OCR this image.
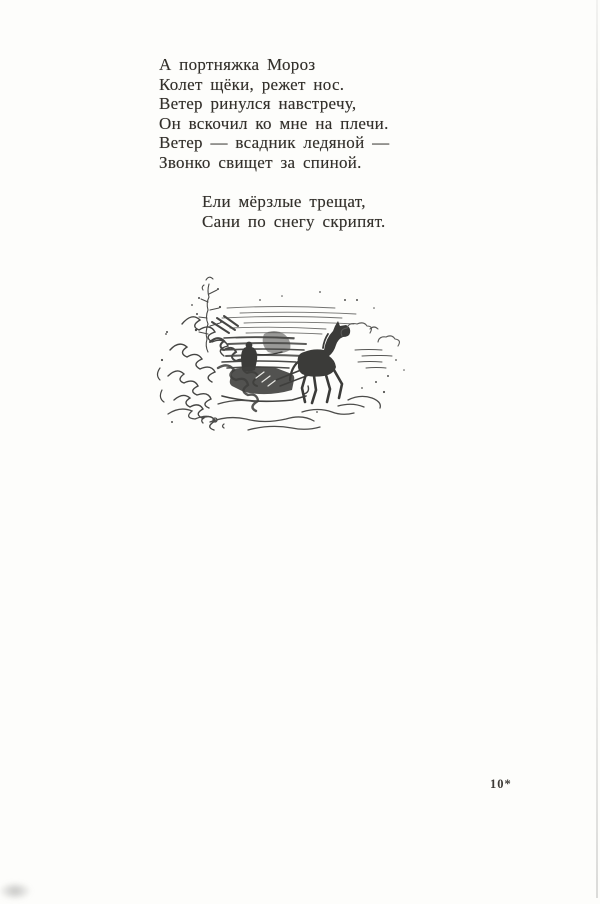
А портняжка Мороз
Колет щёки, режет нос.
Ветер ринулся навстречу,
Он вскочил ко мне на плечи.
Ветер — всадник ледяной —
Звонко свищет за спиной.
Ели мёрзлые трещат,
Сани по снегу скрипят.
10*
